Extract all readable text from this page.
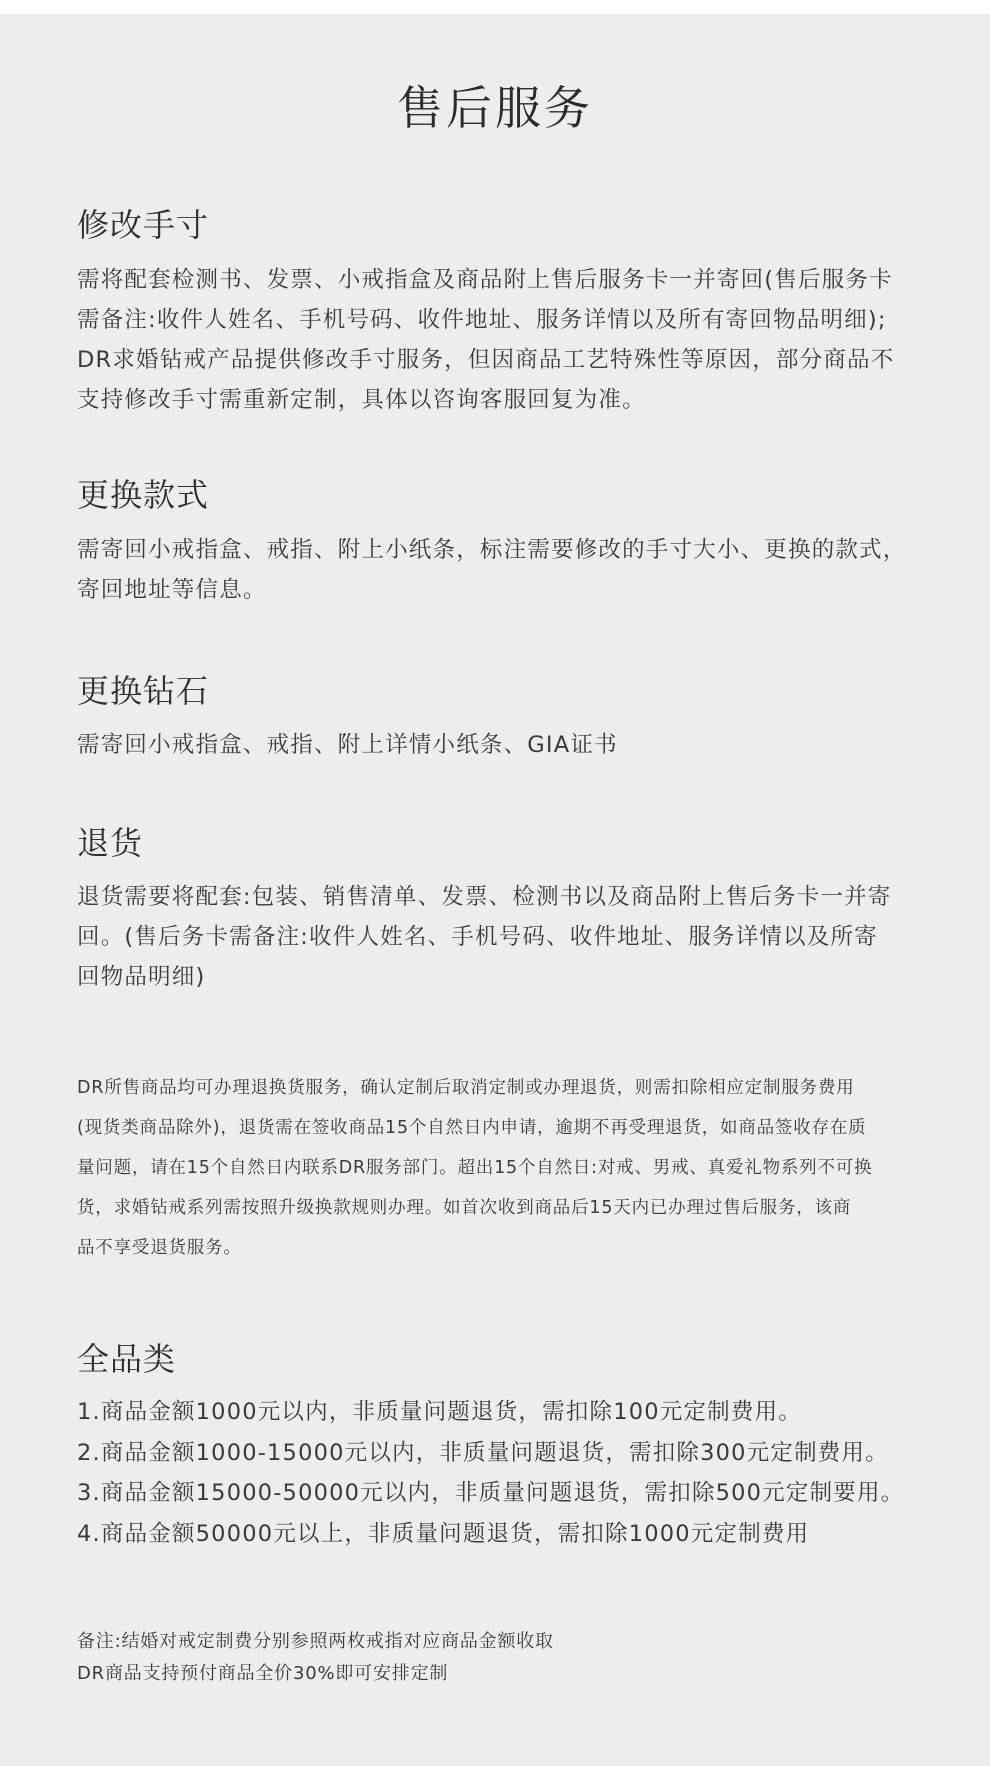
售后服务
修改手寸

需将配套检测书、发票、小戒指盒及商品附上售后服务卡一并寄回(售后服务卡

需备注:收件人姓名、手机号码、收件地址、服务详情以及所有寄回物品明细);

DR求婚钻戒产品提供修改手寸服务，但因商品工艺特殊性等原因，部分商品不

支持修改手寸需重新定制，具体以咨询客服回复为准。

更换款式

需寄回小戒指盒、戒指、附上小纸条，标注需要修改的手寸大小、更换的款式，

寄回地址等信息。

更换钻石

需寄回小戒指盒、戒指、附上详情小纸条、GIA证书

退货

退货需要将配套:包装、销售清单、发票、检测书以及商品附上售后务卡一并寄

回。(售后务卡需备注:收件人姓名、手机号码、收件地址、服务详情以及所寄

回物品明细)

DR所售商品均可办理退换货服务，确认定制后取消定制或办理退货，则需扣除相应定制服务费用

(现货类商品除外)，退货需在签收商品15个自然日内申请，逾期不再受理退货，如商品签收存在质

量问题，请在15个自然日内联系DR服务部门。超出15个自然日:对戒、男戒、真爱礼物系列不可换

货，求婚钻戒系列需按照升级换款规则办理。如首次收到商品后15天内已办理过售后服务，该商

品不享受退货服务。

全品类
1.商品金额1000元以内，非质量问题退货，需扣除100元定制费用。
2.商品金额1000-15000元以内，非质量问题退货，需扣除300元定制费用。
3.商品金额15000-50000元以内，非质量问题退货，需扣除500元定制要用。
4.商品金额50000元以上，非质量问题退货，需扣除1000元定制费用

备注:结婚对戒定制费分别参照两枚戒指对应商品金额收取

DR商品支持预付商品全价30%即可安排定制
